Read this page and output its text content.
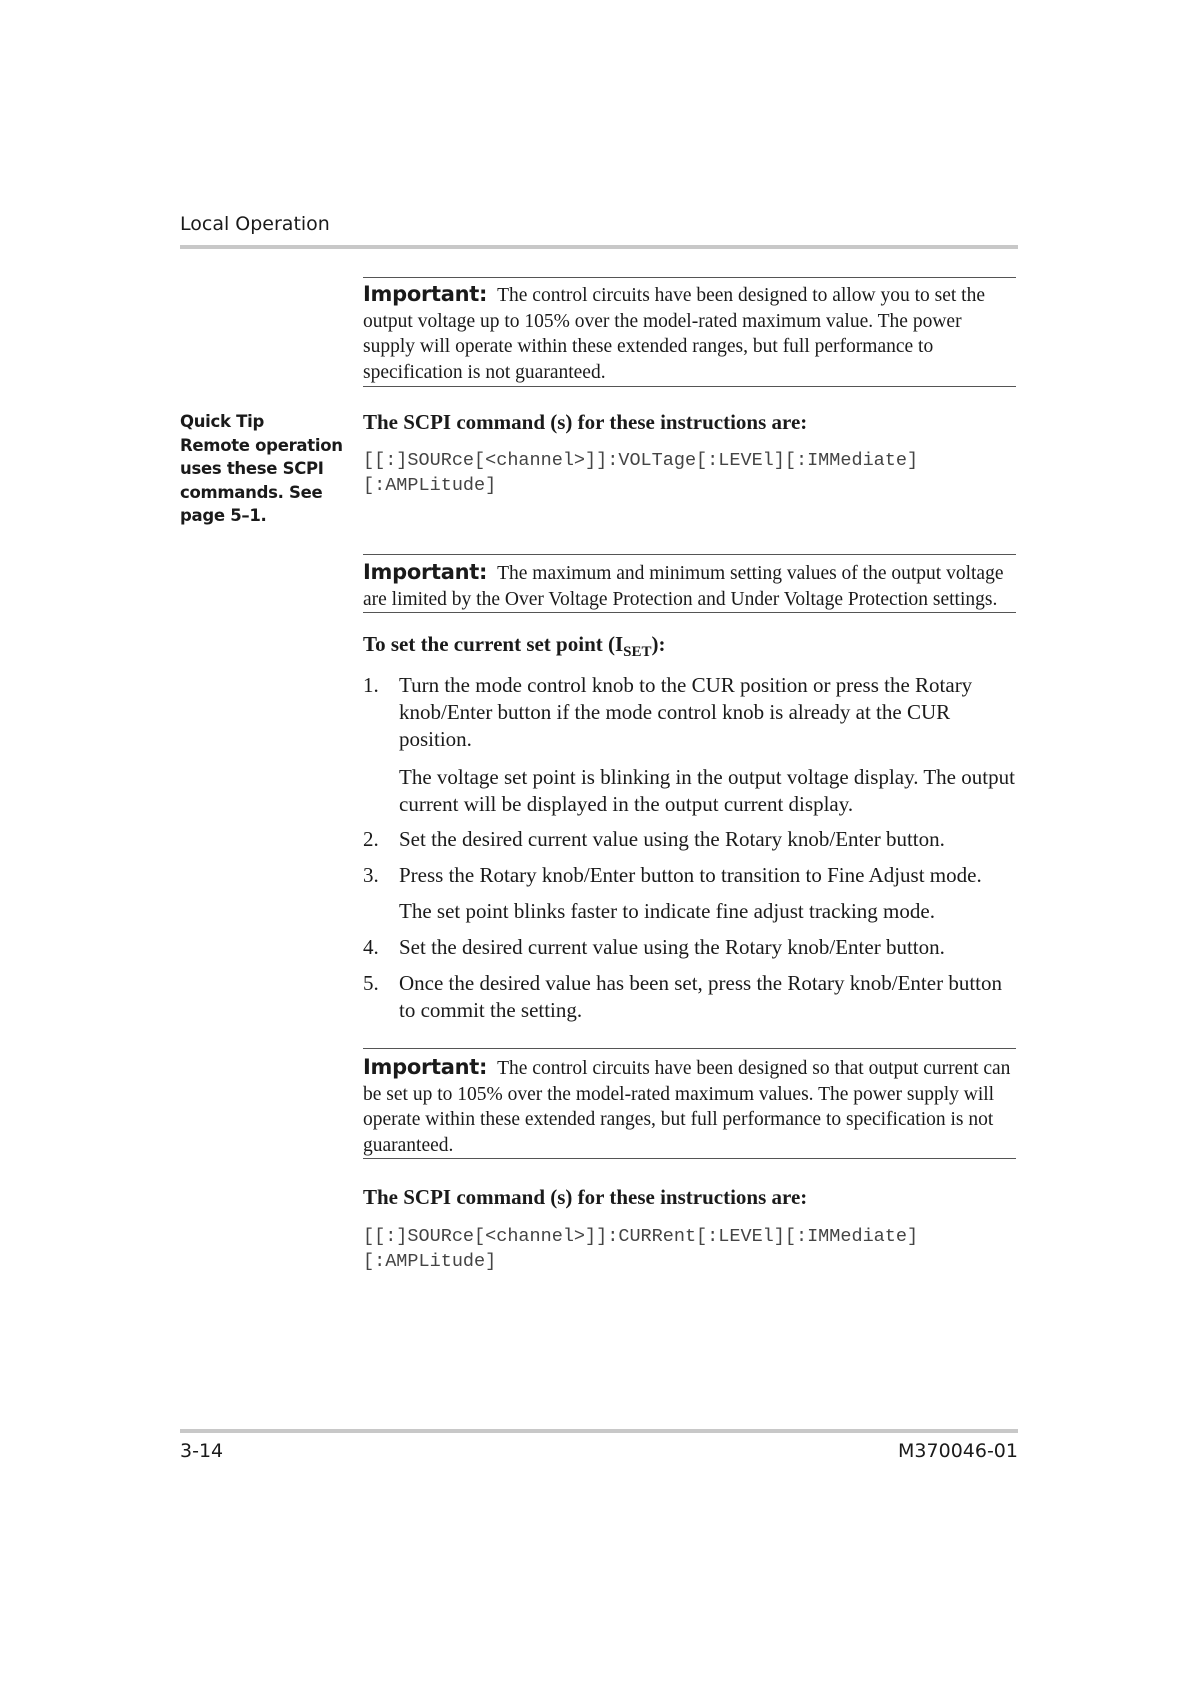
Local Operation
Important: The control circuits have been designed to allow you to set the output voltage up to 105% over the model-rated maximum value. The power supply will operate within these extended ranges, but full performance to specification is not guaranteed.
Quick Tip
Remote operation uses these SCPI commands. See page 5–1.
The SCPI command (s) for these instructions are:
[[:]SOURce[<channel>]]:VOLTage[:LEVEl][:IMMediate]
[:AMPLitude]
Important: The maximum and minimum setting values of the output voltage are limited by the Over Voltage Protection and Under Voltage Protection settings.
To set the current set point $(I_{SET})$:
1. Turn the mode control knob to the CUR position or press the Rotary knob/Enter button if the mode control knob is already at the CUR position.
The voltage set point is blinking in the output voltage display. The output current will be displayed in the output current display.
2. Set the desired current value using the Rotary knob/Enter button.
3. Press the Rotary knob/Enter button to transition to Fine Adjust mode.
The set point blinks faster to indicate fine adjust tracking mode.
4. Set the desired current value using the Rotary knob/Enter button.
5. Once the desired value has been set, press the Rotary knob/Enter button to commit the setting.
Important: The control circuits have been designed so that output current can be set up to 105% over the model-rated maximum values. The power supply will operate within these extended ranges, but full performance to specification is not guaranteed.
The SCPI command (s) for these instructions are:
[[:]SOURce[<channel>]]:CURRent[:LEVEl][:IMMediate]
[:AMPLitude]
3-14	M370046-01
